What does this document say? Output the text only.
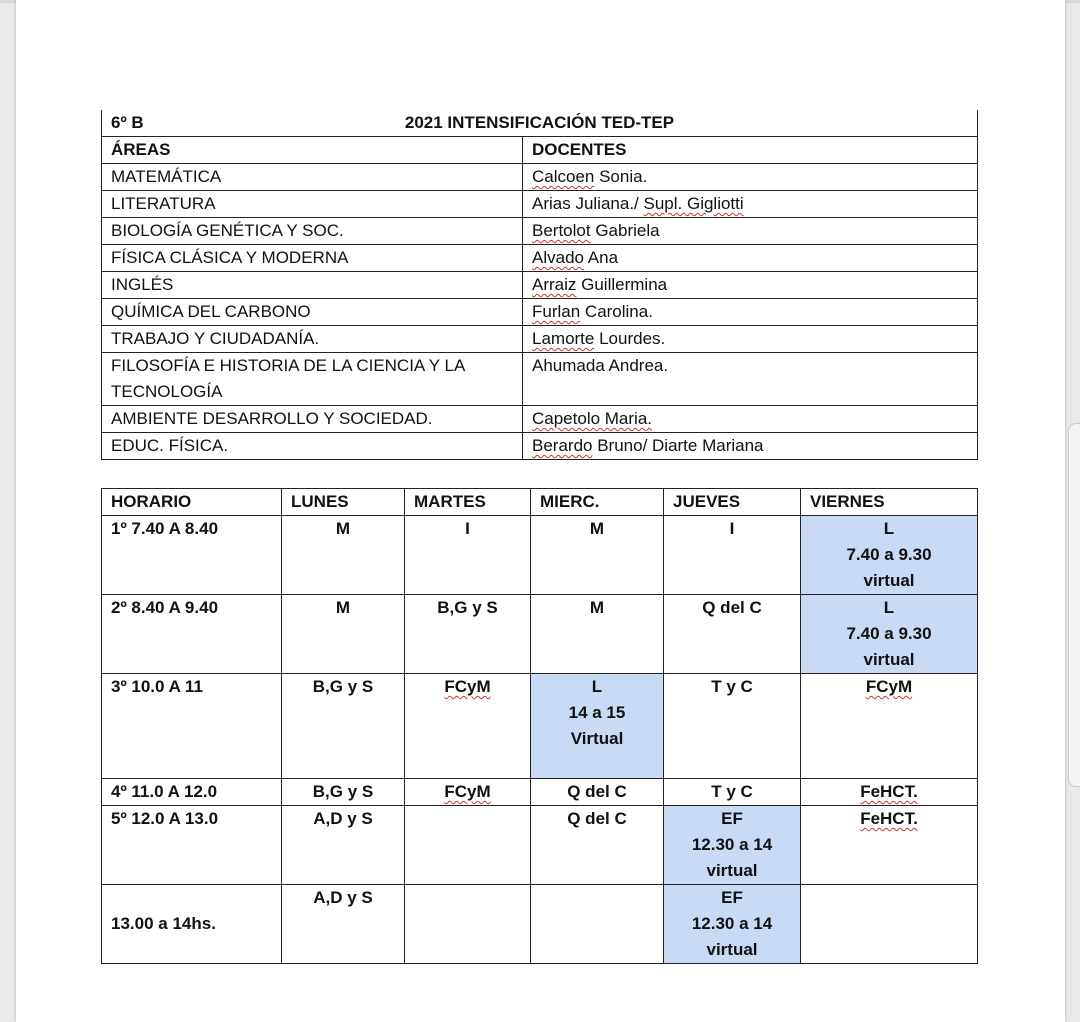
6º B 2021 INTENSIFICACIÓN TED-TEP	

ÁREAS	DOCENTES
MATEMÁTICA	Calcoen Sonia.
LITERATURA	Arias Juliana./ Supl. Gigliotti
BIOLOGÍA GENÉTICA Y SOC.	Bertolot Gabriela
FÍSICA CLÁSICA Y MODERNA	Alvado Ana
INGLÉS	Arraiz Guillermina
QUÍMICA DEL CARBONO	Furlan Carolina.
TRABAJO Y CIUDADANÍA.	Lamorte Lourdes.
FILOSOFÍA E HISTORIA DE LA CIENCIA Y LA TECNOLOGÍA	Ahumada Andrea.
AMBIENTE DESARROLLO Y SOCIEDAD.	Capetolo Maria.
EDUC. FÍSICA.	Berardo Bruno/ Diarte Mariana
HORARIO	LUNES	MARTES	MIERC.	JUEVES	VIERNES
1º 7.40 A 8.40	M	I	M	I	L
7.40 a 9.30
virtual

2º 8.40 A 9.40	M	B,G y S	M	Q del C	L
7.40 a 9.30
virtual

3º 10.0 A 11	B,G y S	FCyM	L
14 a 15
Virtual	T y C	FCyM
4º 11.0 A 12.0	B,G y S	FCyM	Q del C	T y C	FeHCT.
5º 12.0 A 13.0	A,D y S		Q del C	EF
12.30 a 14
virtual	FeHCT.
13.00 a 14hs.	A,D y S			EF
12.30 a 14
virtual	
